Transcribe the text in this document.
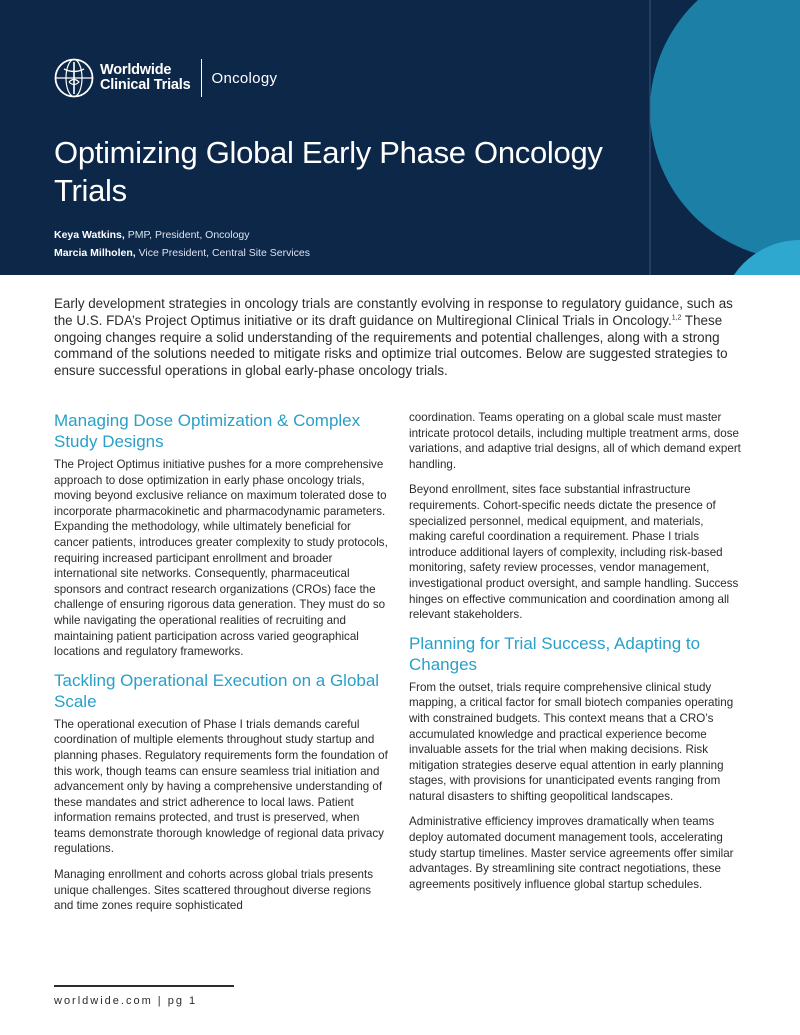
Worldwide
Clinical Trials Oncology
Optimizing Global Early Phase Oncology Trials
Keya Watkins, PMP, President, Oncology
Marcia Milholen, Vice President, Central Site Services

Early development strategies in oncology trials are constantly evolving in response to regulatory guidance, such as the U.S. FDA’s Project Optimus initiative or its draft guidance on Multiregional Clinical Trials in Oncology.$^{1,2}$ These ongoing changes require a solid understanding of the requirements and potential challenges, along with a strong command of the solutions needed to mitigate risks and optimize trial outcomes. Below are suggested strategies to ensure successful operations in global early-phase oncology trials.

Managing Dose Optimization & Complex Study Designs

The Project Optimus initiative pushes for a more comprehensive approach to dose optimization in early phase oncology trials, moving beyond exclusive reliance on maximum tolerated dose to incorporate pharmacokinetic and pharmacodynamic parameters. Expanding the methodology, while ultimately beneficial for cancer patients, introduces greater complexity to study protocols, requiring increased participant enrollment and broader international site networks. Consequently, pharmaceutical sponsors and contract research organizations (CROs) face the challenge of ensuring rigorous data generation. They must do so while navigating the operational realities of recruiting and maintaining patient participation across varied geographical locations and regulatory frameworks.

Tackling Operational Execution on a Global Scale

The operational execution of Phase I trials demands careful coordination of multiple elements throughout study startup and planning phases. Regulatory requirements form the foundation of this work, though teams can ensure seamless trial initiation and advancement only by having a comprehensive understanding of these mandates and strict adherence to local laws. Patient information remains protected, and trust is preserved, when teams demonstrate thorough knowledge of regional data privacy regulations.

Managing enrollment and cohorts across global trials presents unique challenges. Sites scattered throughout diverse regions and time zones require sophisticated

coordination. Teams operating on a global scale must master intricate protocol details, including multiple treatment arms, dose variations, and adaptive trial designs, all of which demand expert handling.

Beyond enrollment, sites face substantial infrastructure requirements. Cohort-specific needs dictate the presence of specialized personnel, medical equipment, and materials, making careful coordination a requirement. Phase I trials introduce additional layers of complexity, including risk-based monitoring, safety review processes, vendor management, investigational product oversight, and sample handling. Success hinges on effective communication and coordination among all relevant stakeholders.

Planning for Trial Success, Adapting to Changes

From the outset, trials require comprehensive clinical study mapping, a critical factor for small biotech companies operating with constrained budgets. This context means that a CRO’s accumulated knowledge and practical experience become invaluable assets for the trial when making decisions. Risk mitigation strategies deserve equal attention in early planning stages, with provisions for unanticipated events ranging from natural disasters to shifting geopolitical landscapes.

Administrative efficiency improves dramatically when teams deploy automated document management tools, accelerating study startup timelines. Master service agreements offer similar advantages. By streamlining site contract negotiations, these agreements positively influence global startup schedules.

worldwide.com | pg 1
